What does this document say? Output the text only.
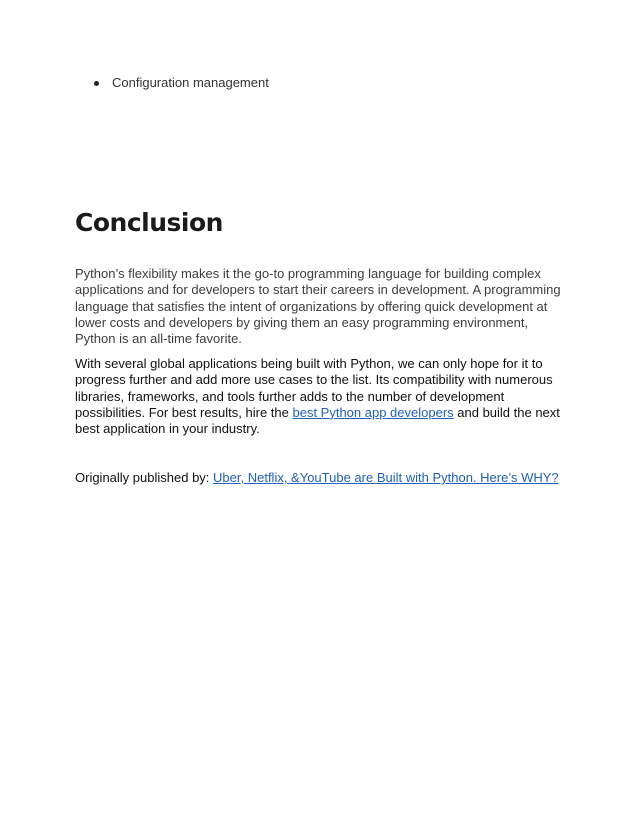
Configuration management
Conclusion

Python’s flexibility makes it the go-to programming language for building complex applications and for developers to start their careers in development. A programming language that satisfies the intent of organizations by offering quick development at lower costs and developers by giving them an easy programming environment, Python is an all-time favorite.

With several global applications being built with Python, we can only hope for it to progress further and add more use cases to the list. Its compatibility with numerous libraries, frameworks, and tools further adds to the number of development possibilities. For best results, hire the best Python app developers and build the next best application in your industry.

Originally published by: Uber, Netflix, &YouTube are Built with Python. Here’s WHY?
